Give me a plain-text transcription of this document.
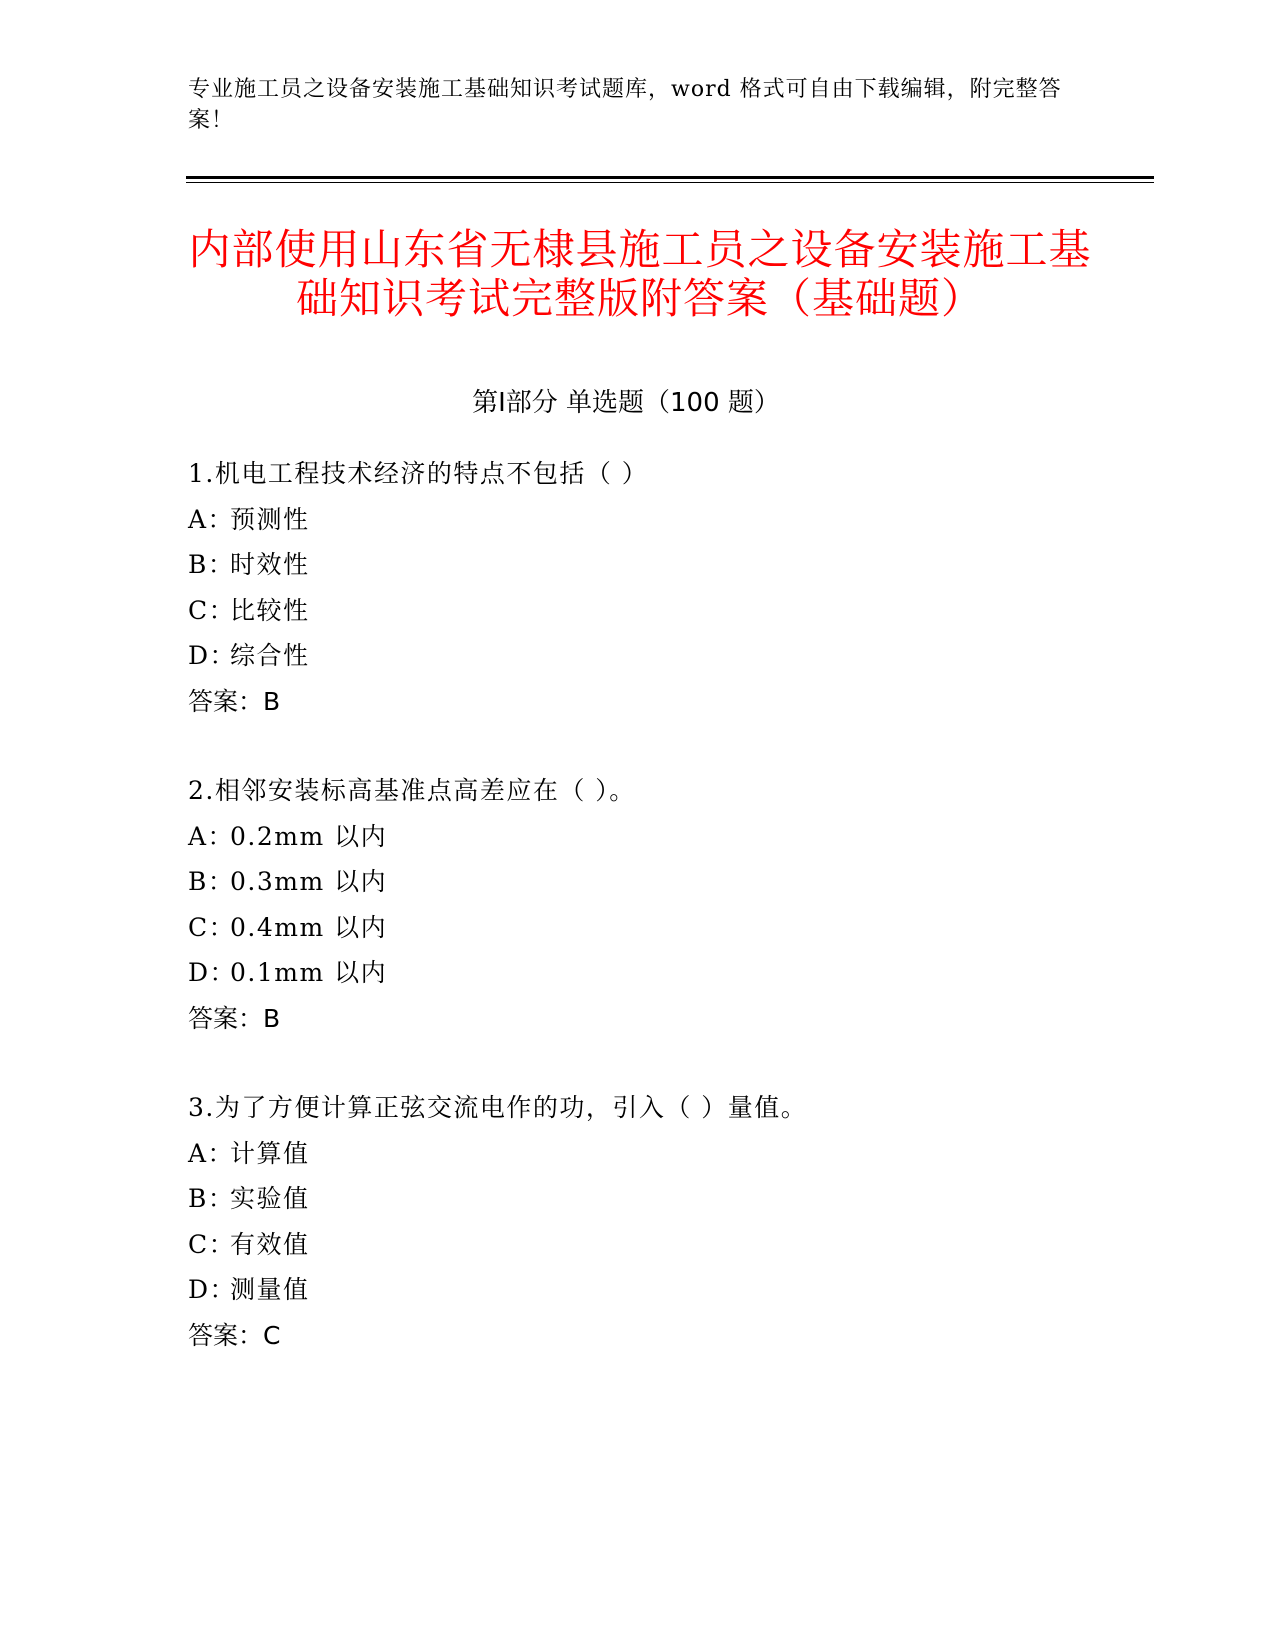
专业施工员之设备安装施工基础知识考试题库，word 格式可自由下载编辑，附完整答案！
内部使用山东省无棣县施工员之设备安装施工基础知识考试完整版附答案（基础题）
第Ⅰ部分 单选题（100 题）
1.机电工程技术经济的特点不包括（ ）
A：预测性
B：时效性
C：比较性
D：综合性
答案：B
2.相邻安装标高基准点高差应在（ ）。
A：0.2mm 以内
B：0.3mm 以内
C：0.4mm 以内
D：0.1mm 以内
答案：B
3.为了方便计算正弦交流电作的功，引入（ ）量值。
A：计算值
B：实验值
C：有效值
D：测量值
答案：C
